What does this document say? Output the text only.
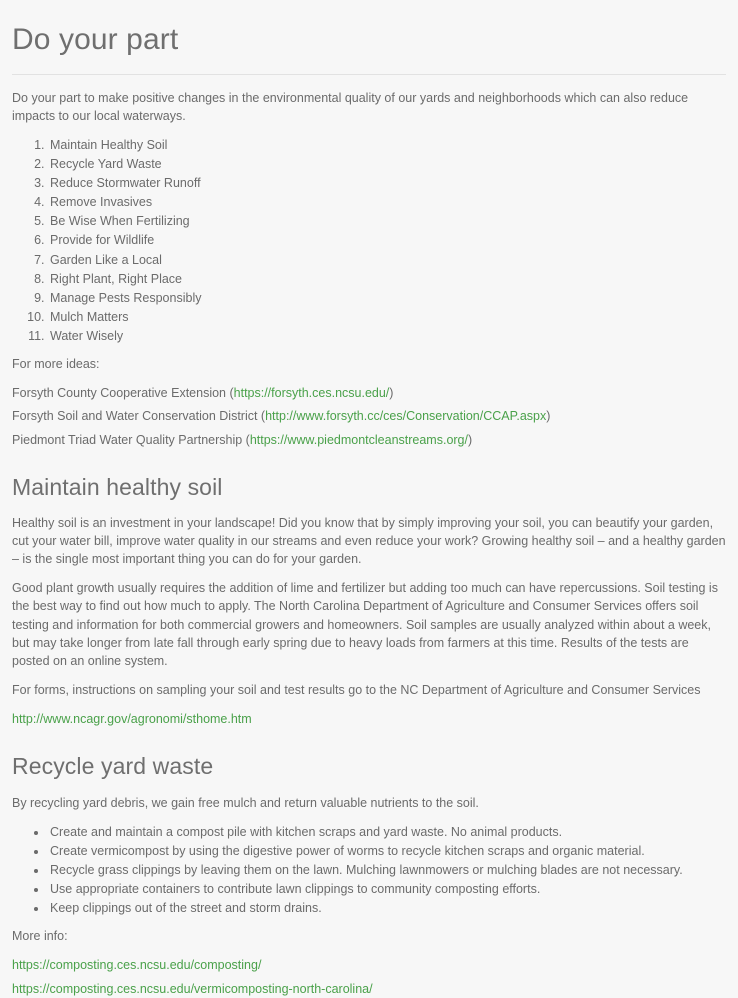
Do your part

Do your part to make positive changes in the environmental quality of our yards and neighborhoods which can also reduce impacts to our local waterways.

1. Maintain Healthy Soil
2. Recycle Yard Waste
3. Reduce Stormwater Runoff
4. Remove Invasives
5. Be Wise When Fertilizing
6. Provide for Wildlife
7. Garden Like a Local
8. Right Plant, Right Place
9. Manage Pests Responsibly
10. Mulch Matters
11. Water Wisely

For more ideas:

Forsyth County Cooperative Extension (https://forsyth.ces.ncsu.edu/)

Forsyth Soil and Water Conservation District (http://www.forsyth.cc/ces/Conservation/CCAP.aspx)

Piedmont Triad Water Quality Partnership (https://www.piedmontcleanstreams.org/)

Maintain healthy soil

Healthy soil is an investment in your landscape! Did you know that by simply improving your soil, you can beautify your garden, cut your water bill, improve water quality in our streams and even reduce your work? Growing healthy soil – and a healthy garden – is the single most important thing you can do for your garden.

Good plant growth usually requires the addition of lime and fertilizer but adding too much can have repercussions. Soil testing is the best way to find out how much to apply. The North Carolina Department of Agriculture and Consumer Services offers soil testing and information for both commercial growers and homeowners. Soil samples are usually analyzed within about a week, but may take longer from late fall through early spring due to heavy loads from farmers at this time. Results of the tests are posted on an online system.

For forms, instructions on sampling your soil and test results go to the NC Department of Agriculture and Consumer Services

http://www.ncagr.gov/agronomi/sthome.htm

Recycle yard waste

By recycling yard debris, we gain free mulch and return valuable nutrients to the soil.

• Create and maintain a compost pile with kitchen scraps and yard waste. No animal products.
• Create vermicompost by using the digestive power of worms to recycle kitchen scraps and organic material.
• Recycle grass clippings by leaving them on the lawn. Mulching lawnmowers or mulching blades are not necessary.
• Use appropriate containers to contribute lawn clippings to community composting efforts.
• Keep clippings out of the street and storm drains.

More info:

https://composting.ces.ncsu.edu/composting/

https://composting.ces.ncsu.edu/vermicomposting-north-carolina/
